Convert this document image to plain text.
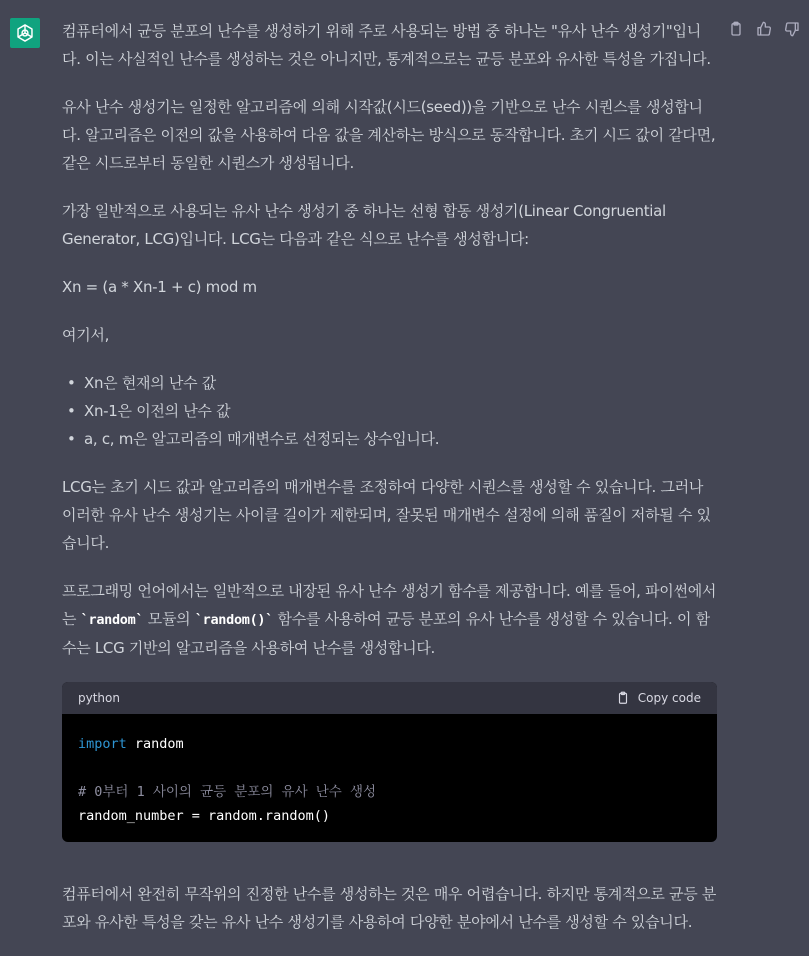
컴퓨터에서 균등 분포의 난수를 생성하기 위해 주로 사용되는 방법 중 하나는 "유사 난수 생성기"입니다. 이는 사실적인 난수를 생성하는 것은 아니지만, 통계적으로는 균등 분포와 유사한 특성을 가집니다.

유사 난수 생성기는 일정한 알고리즘에 의해 시작값(시드(seed))을 기반으로 난수 시퀀스를 생성합니다. 알고리즘은 이전의 값을 사용하여 다음 값을 계산하는 방식으로 동작합니다. 초기 시드 값이 같다면, 같은 시드로부터 동일한 시퀀스가 생성됩니다.

가장 일반적으로 사용되는 유사 난수 생성기 중 하나는 선형 합동 생성기(Linear Congruential Generator, LCG)입니다. LCG는 다음과 같은 식으로 난수를 생성합니다:

Xn = (a * Xn-1 + c) mod m

여기서,

• Xn은 현재의 난수 값
• Xn-1은 이전의 난수 값
• a, c, m은 알고리즘의 매개변수로 선정되는 상수입니다.

LCG는 초기 시드 값과 알고리즘의 매개변수를 조정하여 다양한 시퀀스를 생성할 수 있습니다. 그러나 이러한 유사 난수 생성기는 사이클 길이가 제한되며, 잘못된 매개변수 설정에 의해 품질이 저하될 수 있습니다.

프로그래밍 언어에서는 일반적으로 내장된 유사 난수 생성기 함수를 제공합니다. 예를 들어, 파이썬에서는 `random` 모듈의 `random()` 함수를 사용하여 균등 분포의 유사 난수를 생성할 수 있습니다. 이 함수는 LCG 기반의 알고리즘을 사용하여 난수를 생성합니다.

python	Copy code
import random

# 0부터 1 사이의 균등 분포의 유사 난수 생성
random_number = random.random()

컴퓨터에서 완전히 무작위의 진정한 난수를 생성하는 것은 매우 어렵습니다. 하지만 통계적으로 균등 분포와 유사한 특성을 갖는 유사 난수 생성기를 사용하여 다양한 분야에서 난수를 생성할 수 있습니다.
